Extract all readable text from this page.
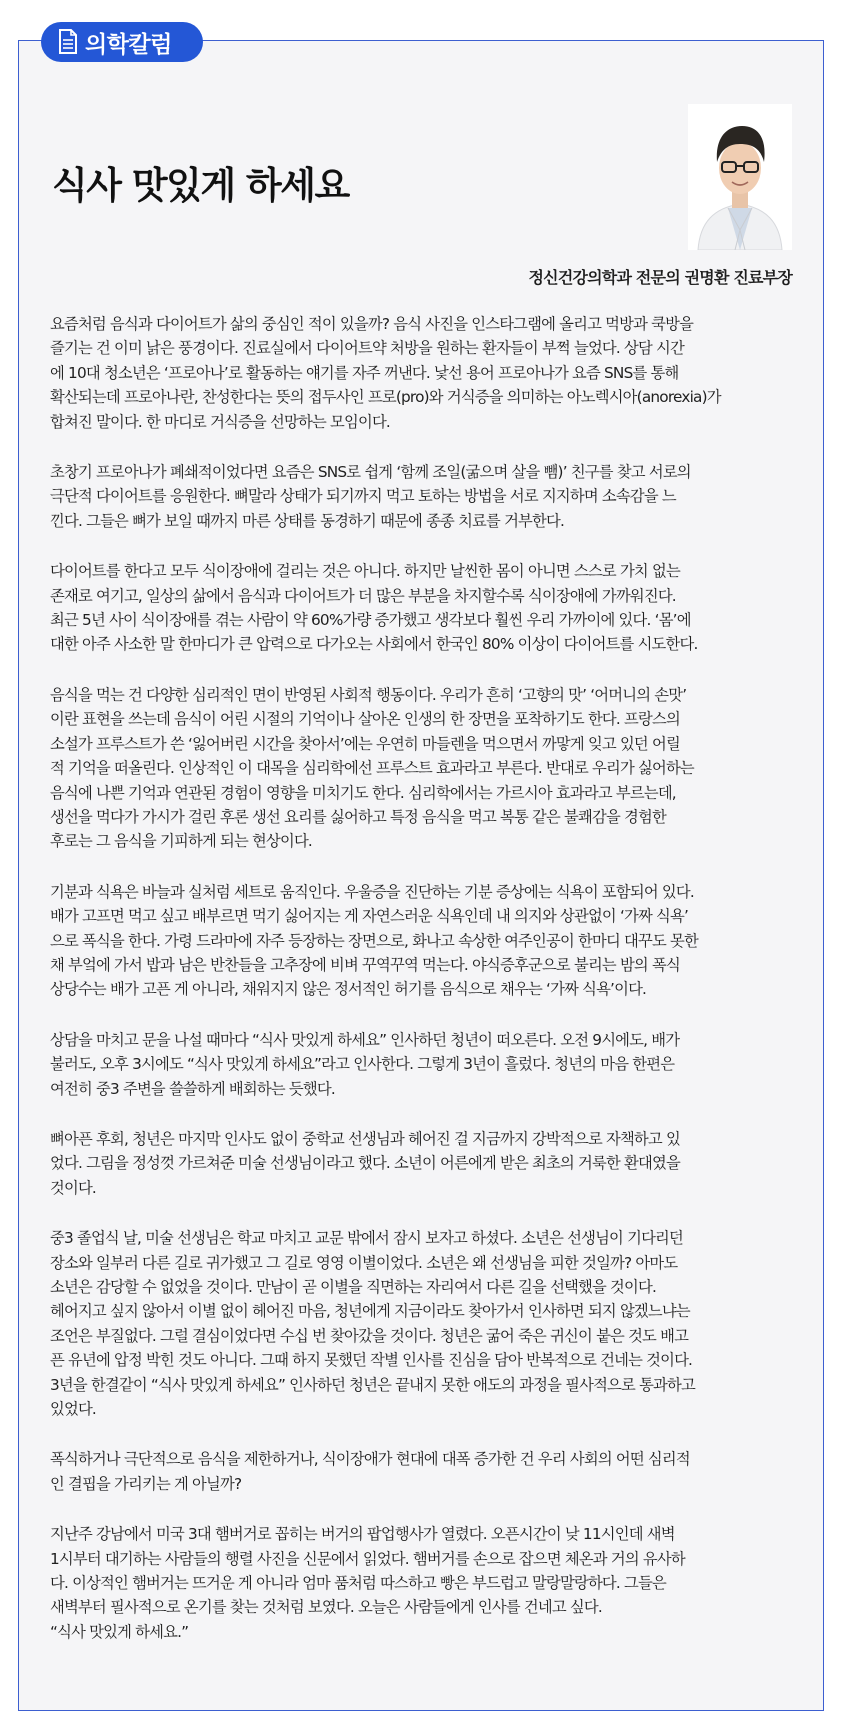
의학칼럼
식사 맛있게 하세요
정신건강의학과 전문의 권명환 진료부장

요즘처럼 음식과 다이어트가 삶의 중심인 적이 있을까? 음식 사진을 인스타그램에 올리고 먹방과 쿡방을
즐기는 건 이미 낡은 풍경이다. 진료실에서 다이어트약 처방을 원하는 환자들이 부쩍 늘었다. 상담 시간
에 10대 청소년은 ‘프로아나’로 활동하는 얘기를 자주 꺼낸다. 낯선 용어 프로아나가 요즘 SNS를 통해
확산되는데 프로아나란, 찬성한다는 뜻의 접두사인 프로(pro)와 거식증을 의미하는 아노렉시아(anorexia)가
합쳐진 말이다. 한 마디로 거식증을 선망하는 모임이다.

초창기 프로아나가 폐쇄적이었다면 요즘은 SNS로 쉽게 ‘함께 조일(굶으며 살을 뺌)’ 친구를 찾고 서로의
극단적 다이어트를 응원한다. 뼈말라 상태가 되기까지 먹고 토하는 방법을 서로 지지하며 소속감을 느
낀다. 그들은 뼈가 보일 때까지 마른 상태를 동경하기 때문에 종종 치료를 거부한다.

다이어트를 한다고 모두 식이장애에 걸리는 것은 아니다. 하지만 날씬한 몸이 아니면 스스로 가치 없는
존재로 여기고, 일상의 삶에서 음식과 다이어트가 더 많은 부분을 차지할수록 식이장애에 가까워진다.
최근 5년 사이 식이장애를 겪는 사람이 약 60%가량 증가했고 생각보다 훨씬 우리 가까이에 있다. ‘몸’에
대한 아주 사소한 말 한마디가 큰 압력으로 다가오는 사회에서 한국인 80% 이상이 다이어트를 시도한다.

음식을 먹는 건 다양한 심리적인 면이 반영된 사회적 행동이다. 우리가 흔히 ‘고향의 맛’ ‘어머니의 손맛’
이란 표현을 쓰는데 음식이 어린 시절의 기억이나 살아온 인생의 한 장면을 포착하기도 한다. 프랑스의
소설가 프루스트가 쓴 ‘잃어버린 시간을 찾아서’에는 우연히 마들렌을 먹으면서 까맣게 잊고 있던 어릴
적 기억을 떠올린다. 인상적인 이 대목을 심리학에선 프루스트 효과라고 부른다. 반대로 우리가 싫어하는
음식에 나쁜 기억과 연관된 경험이 영향을 미치기도 한다. 심리학에서는 가르시아 효과라고 부르는데,
생선을 먹다가 가시가 걸린 후론 생선 요리를 싫어하고 특정 음식을 먹고 복통 같은 불쾌감을 경험한
후로는 그 음식을 기피하게 되는 현상이다.

기분과 식욕은 바늘과 실처럼 세트로 움직인다. 우울증을 진단하는 기분 증상에는 식욕이 포함되어 있다.
배가 고프면 먹고 싶고 배부르면 먹기 싫어지는 게 자연스러운 식욕인데 내 의지와 상관없이 ‘가짜 식욕’
으로 폭식을 한다. 가령 드라마에 자주 등장하는 장면으로, 화나고 속상한 여주인공이 한마디 대꾸도 못한
채 부엌에 가서 밥과 남은 반찬들을 고추장에 비벼 꾸역꾸역 먹는다. 야식증후군으로 불리는 밤의 폭식
상당수는 배가 고픈 게 아니라, 채워지지 않은 정서적인 허기를 음식으로 채우는 ‘가짜 식욕’이다.

상담을 마치고 문을 나설 때마다 “식사 맛있게 하세요” 인사하던 청년이 떠오른다. 오전 9시에도, 배가
불러도, 오후 3시에도 “식사 맛있게 하세요”라고 인사한다. 그렇게 3년이 흘렀다. 청년의 마음 한편은
여전히 중3 주변을 쓸쓸하게 배회하는 듯했다.

뼈아픈 후회, 청년은 마지막 인사도 없이 중학교 선생님과 헤어진 걸 지금까지 강박적으로 자책하고 있
었다. 그림을 정성껏 가르쳐준 미술 선생님이라고 했다. 소년이 어른에게 받은 최초의 거룩한 환대였을
것이다.

중3 졸업식 날, 미술 선생님은 학교 마치고 교문 밖에서 잠시 보자고 하셨다. 소년은 선생님이 기다리던
장소와 일부러 다른 길로 귀가했고 그 길로 영영 이별이었다. 소년은 왜 선생님을 피한 것일까? 아마도
소년은 감당할 수 없었을 것이다. 만남이 곧 이별을 직면하는 자리여서 다른 길을 선택했을 것이다.
헤어지고 싶지 않아서 이별 없이 헤어진 마음, 청년에게 지금이라도 찾아가서 인사하면 되지 않겠느냐는
조언은 부질없다. 그럴 결심이었다면 수십 번 찾아갔을 것이다. 청년은 굶어 죽은 귀신이 붙은 것도 배고
픈 유년에 압정 박힌 것도 아니다. 그때 하지 못했던 작별 인사를 진심을 담아 반복적으로 건네는 것이다.
3년을 한결같이 “식사 맛있게 하세요” 인사하던 청년은 끝내지 못한 애도의 과정을 필사적으로 통과하고
있었다.

폭식하거나 극단적으로 음식을 제한하거나, 식이장애가 현대에 대폭 증가한 건 우리 사회의 어떤 심리적
인 결핍을 가리키는 게 아닐까?

지난주 강남에서 미국 3대 햄버거로 꼽히는 버거의 팝업행사가 열렸다. 오픈시간이 낮 11시인데 새벽
1시부터 대기하는 사람들의 행렬 사진을 신문에서 읽었다. 햄버거를 손으로 잡으면 체온과 거의 유사하
다. 이상적인 햄버거는 뜨거운 게 아니라 엄마 품처럼 따스하고 빵은 부드럽고 말랑말랑하다. 그들은
새벽부터 필사적으로 온기를 찾는 것처럼 보였다. 오늘은 사람들에게 인사를 건네고 싶다.
“식사 맛있게 하세요.”
